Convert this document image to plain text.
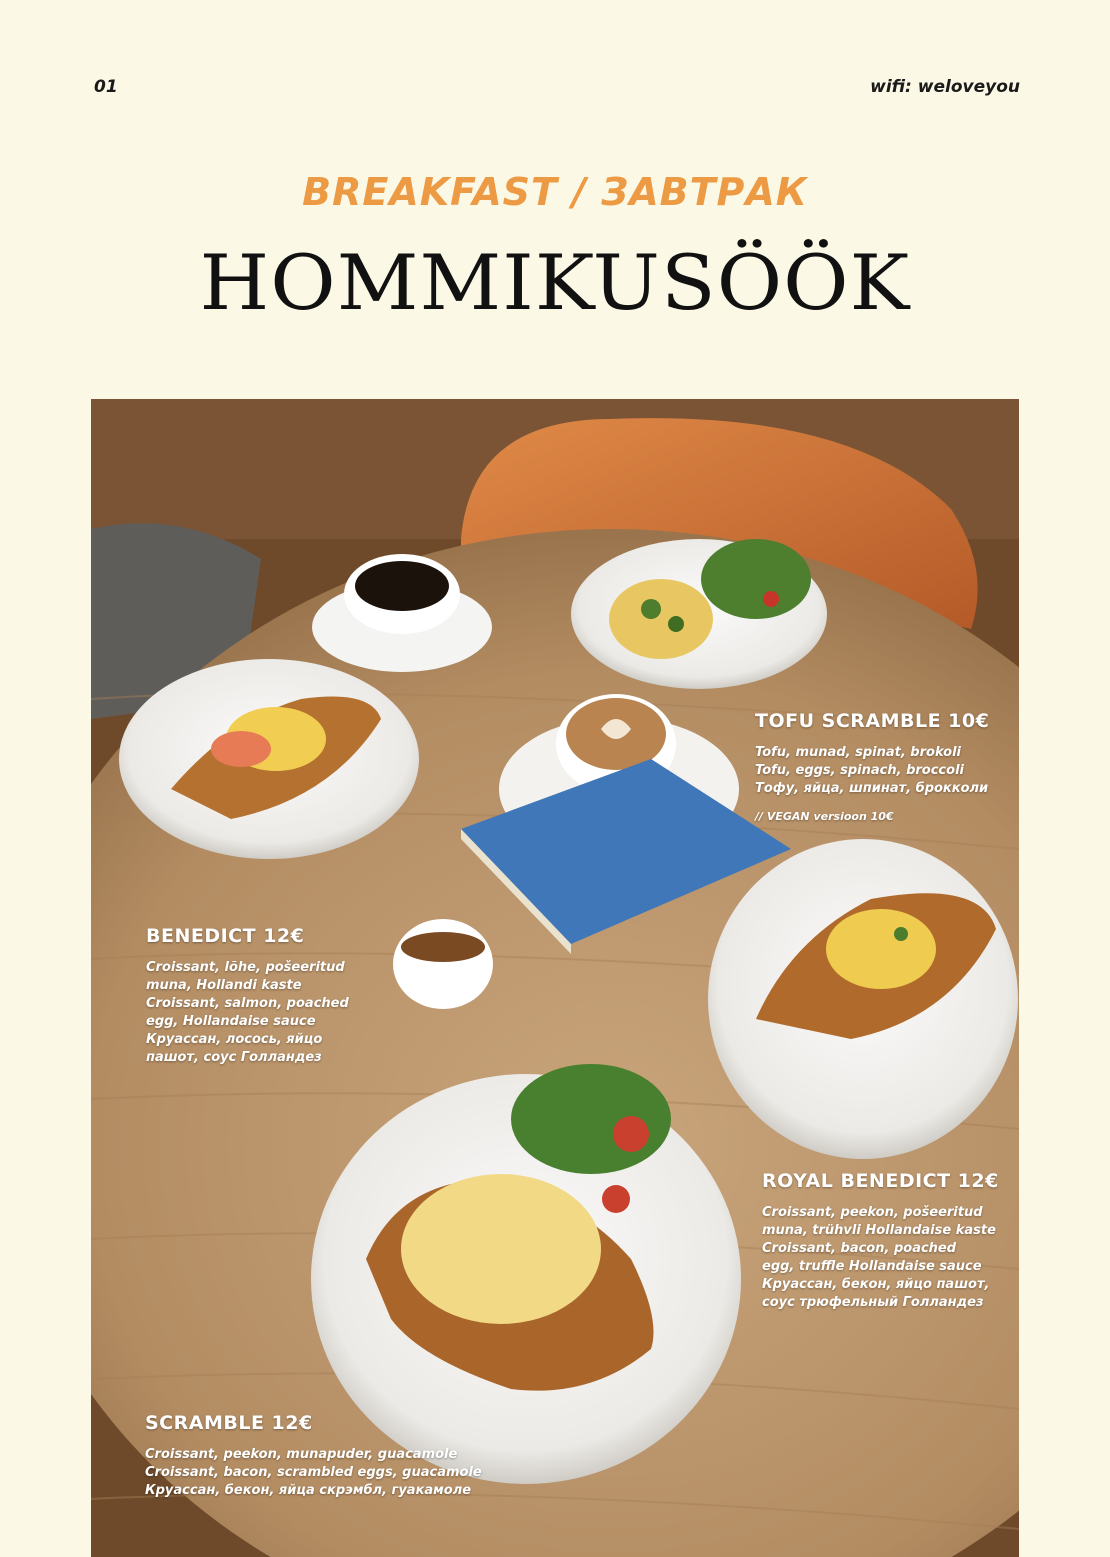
01	wifi: weloveyou
BREAKFAST / ЗАВТРАК
HOMMIKUSÖÖK
TOFU SCRAMBLE 10€
Tofu, munad, spinat, brokoli
Tofu, eggs, spinach, broccoli
Тофу, яйца, шпинат, брокколи
// VEGAN versioon 10€
BENEDICT 12€
Croissant, lõhe, pošeeritud
muna, Hollandi kaste
Croissant, salmon, poached
egg, Hollandaise sauce
Круассан, лосось, яйцо
пашот, соус Голландез
ROYAL BENEDICT 12€
Croissant, peekon, pošeeritud
muna, trühvli Hollandaise kaste
Croissant, bacon, poached
egg, truffle Hollandaise sauce
Круассан, бекон, яйцо пашот,
соус трюфельный Голландез
SCRAMBLE 12€
Croissant, peekon, munapuder, guacamole
Croissant, bacon, scrambled eggs, guacamole
Круассан, бекон, яйца скрэмбл, гуакамоле
